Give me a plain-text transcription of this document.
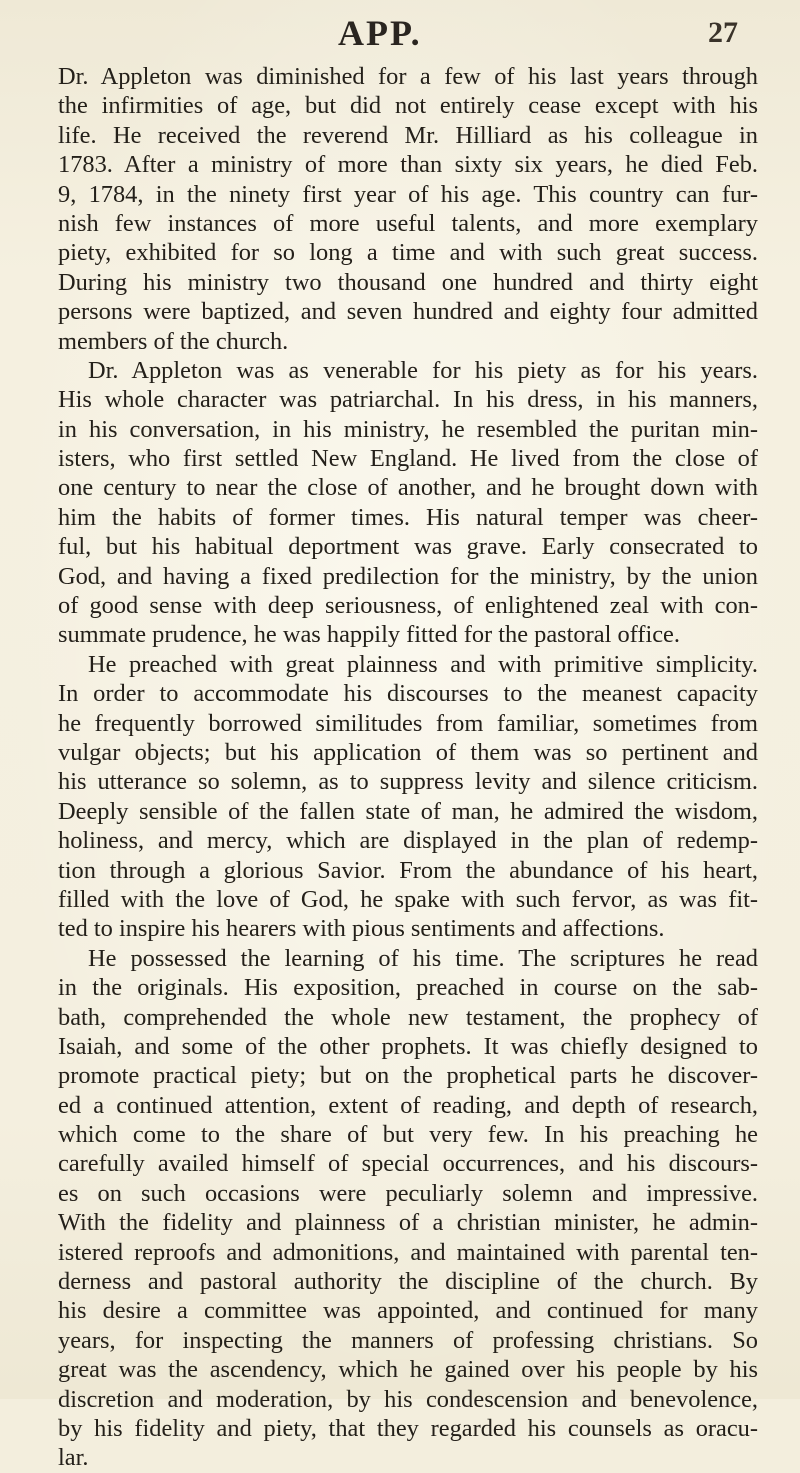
APP.	27
Dr. Appleton was diminished for a few of his last years through
the infirmities of age, but did not entirely cease except with his
life. He received the reverend Mr. Hilliard as his colleague in
1783. After a ministry of more than sixty six years, he died Feb.
9, 1784, in the ninety first year of his age. This country can fur-
nish few instances of more useful talents, and more exemplary
piety, exhibited for so long a time and with such great success.
During his ministry two thousand one hundred and thirty eight
persons were baptized, and seven hundred and eighty four admitted
members of the church.
Dr. Appleton was as venerable for his piety as for his years.
His whole character was patriarchal. In his dress, in his manners,
in his conversation, in his ministry, he resembled the puritan min-
isters, who first settled New England. He lived from the close of
one century to near the close of another, and he brought down with
him the habits of former times. His natural temper was cheer-
ful, but his habitual deportment was grave. Early consecrated to
God, and having a fixed predilection for the ministry, by the union
of good sense with deep seriousness, of enlightened zeal with con-
summate prudence, he was happily fitted for the pastoral office.
He preached with great plainness and with primitive simplicity.
In order to accommodate his discourses to the meanest capacity
he frequently borrowed similitudes from familiar, sometimes from
vulgar objects; but his application of them was so pertinent and
his utterance so solemn, as to suppress levity and silence criticism.
Deeply sensible of the fallen state of man, he admired the wisdom,
holiness, and mercy, which are displayed in the plan of redemp-
tion through a glorious Savior. From the abundance of his heart,
filled with the love of God, he spake with such fervor, as was fit-
ted to inspire his hearers with pious sentiments and affections.
He possessed the learning of his time. The scriptures he read
in the originals. His exposition, preached in course on the sab-
bath, comprehended the whole new testament, the prophecy of
Isaiah, and some of the other prophets. It was chiefly designed to
promote practical piety; but on the prophetical parts he discover-
ed a continued attention, extent of reading, and depth of research,
which come to the share of but very few. In his preaching he
carefully availed himself of special occurrences, and his discours-
es on such occasions were peculiarly solemn and impressive.
With the fidelity and plainness of a christian minister, he admin-
istered reproofs and admonitions, and maintained with parental ten-
derness and pastoral authority the discipline of the church. By
his desire a committee was appointed, and continued for many
years, for inspecting the manners of professing christians. So
great was the ascendency, which he gained over his people by his
discretion and moderation, by his condescension and benevolence,
by his fidelity and piety, that they regarded his counsels as oracu-
lar.
